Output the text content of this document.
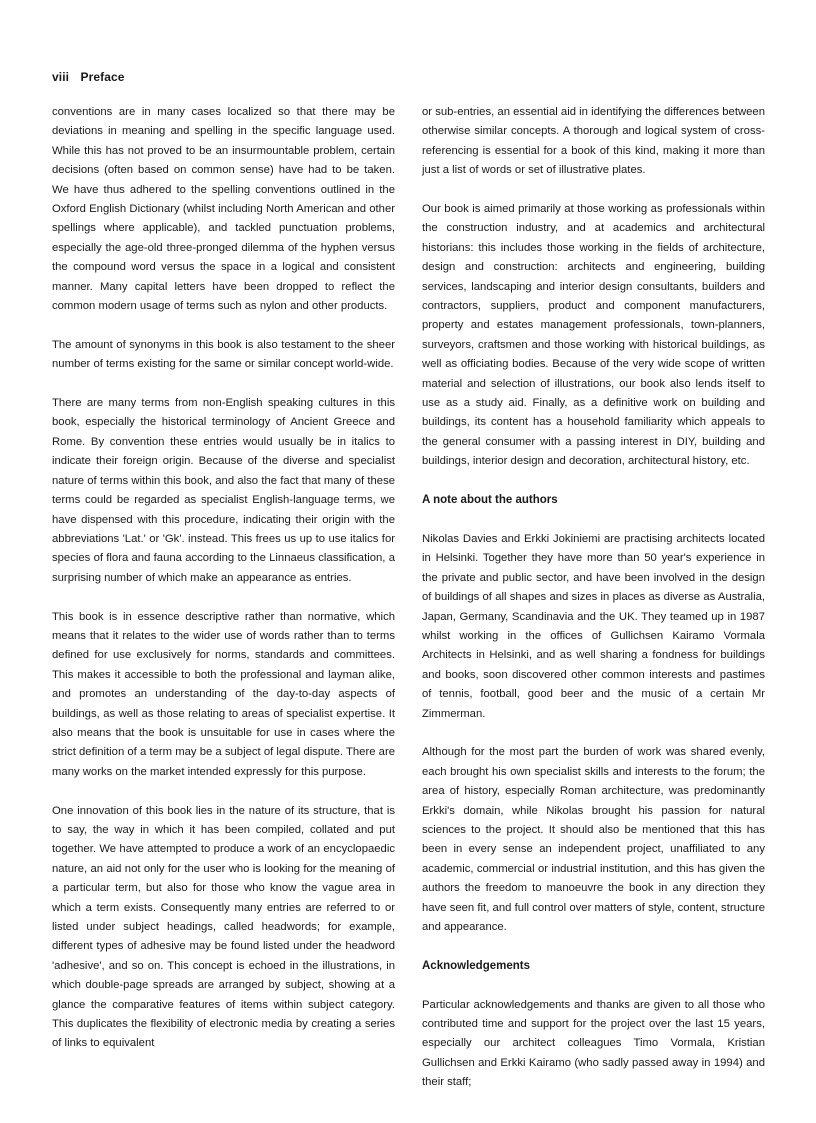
viii Preface

conventions are in many cases localized so that there may be deviations in meaning and spelling in the specific language used. While this has not proved to be an insurmountable problem, certain decisions (often based on common sense) have had to be taken. We have thus adhered to the spelling conventions outlined in the Oxford English Dictionary (whilst including North American and other spellings where applicable), and tackled punctuation problems, especially the age-old three-pronged dilemma of the hyphen versus the compound word versus the space in a logical and consistent manner. Many capital letters have been dropped to reflect the common modern usage of terms such as nylon and other products.

The amount of synonyms in this book is also testament to the sheer number of terms existing for the same or similar concept world-wide.

There are many terms from non-English speaking cultures in this book, especially the historical terminology of Ancient Greece and Rome. By convention these entries would usually be in italics to indicate their foreign origin. Because of the diverse and specialist nature of terms within this book, and also the fact that many of these terms could be regarded as specialist English-language terms, we have dispensed with this procedure, indicating their origin with the abbreviations 'Lat.' or 'Gk'. instead. This frees us up to use italics for species of flora and fauna according to the Linnaeus classification, a surprising number of which make an appearance as entries.

This book is in essence descriptive rather than normative, which means that it relates to the wider use of words rather than to terms defined for use exclusively for norms, standards and committees. This makes it accessible to both the professional and layman alike, and promotes an understanding of the day-to-day aspects of buildings, as well as those relating to areas of specialist expertise. It also means that the book is unsuitable for use in cases where the strict definition of a term may be a subject of legal dispute. There are many works on the market intended expressly for this purpose.

One innovation of this book lies in the nature of its structure, that is to say, the way in which it has been compiled, collated and put together. We have attempted to produce a work of an encyclopaedic nature, an aid not only for the user who is looking for the meaning of a particular term, but also for those who know the vague area in which a term exists. Consequently many entries are referred to or listed under subject headings, called headwords; for example, different types of adhesive may be found listed under the headword 'adhesive', and so on. This concept is echoed in the illustrations, in which double-page spreads are arranged by subject, showing at a glance the comparative features of items within subject category. This duplicates the flexibility of electronic media by creating a series of links to equivalent

or sub-entries, an essential aid in identifying the differences between otherwise similar concepts. A thorough and logical system of cross-referencing is essential for a book of this kind, making it more than just a list of words or set of illustrative plates.

Our book is aimed primarily at those working as professionals within the construction industry, and at academics and architectural historians: this includes those working in the fields of architecture, design and construction: architects and engineering, building services, landscaping and interior design consultants, builders and contractors, suppliers, product and component manufacturers, property and estates management professionals, town-planners, surveyors, craftsmen and those working with historical buildings, as well as officiating bodies. Because of the very wide scope of written material and selection of illustrations, our book also lends itself to use as a study aid. Finally, as a definitive work on building and buildings, its content has a household familiarity which appeals to the general consumer with a passing interest in DIY, building and buildings, interior design and decoration, architectural history, etc.

A note about the authors

Nikolas Davies and Erkki Jokiniemi are practising architects located in Helsinki. Together they have more than 50 year's experience in the private and public sector, and have been involved in the design of buildings of all shapes and sizes in places as diverse as Australia, Japan, Germany, Scandinavia and the UK. They teamed up in 1987 whilst working in the offices of Gullichsen Kairamo Vormala Architects in Helsinki, and as well sharing a fondness for buildings and books, soon discovered other common interests and pastimes of tennis, football, good beer and the music of a certain Mr Zimmerman.

Although for the most part the burden of work was shared evenly, each brought his own specialist skills and interests to the forum; the area of history, especially Roman architecture, was predominantly Erkki's domain, while Nikolas brought his passion for natural sciences to the project. It should also be mentioned that this has been in every sense an independent project, unaffiliated to any academic, commercial or industrial institution, and this has given the authors the freedom to manoeuvre the book in any direction they have seen fit, and full control over matters of style, content, structure and appearance.

Acknowledgements

Particular acknowledgements and thanks are given to all those who contributed time and support for the project over the last 15 years, especially our architect colleagues Timo Vormala, Kristian Gullichsen and Erkki Kairamo (who sadly passed away in 1994) and their staff;
